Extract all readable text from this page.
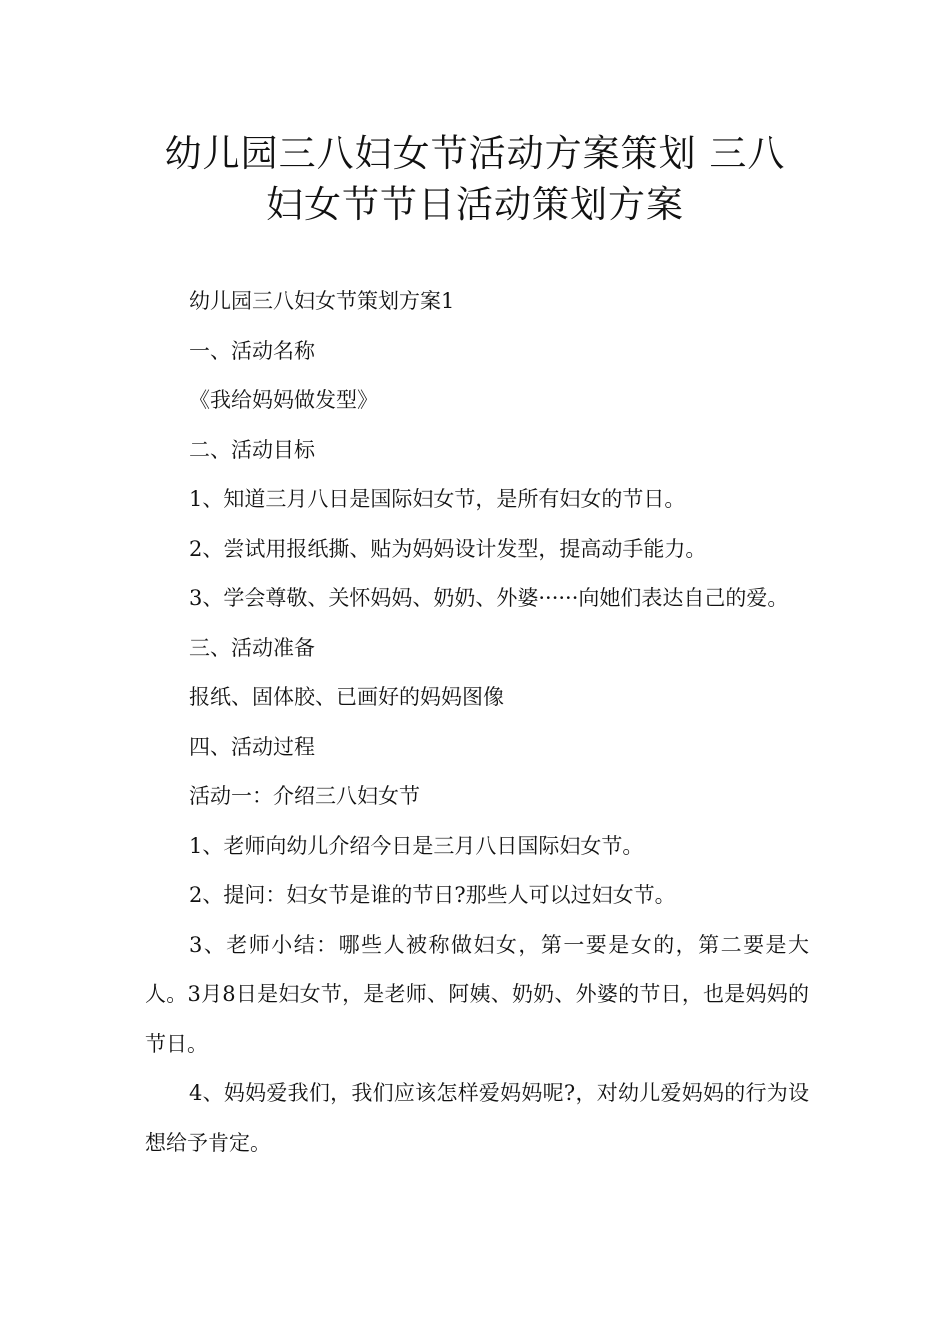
幼儿园三八妇女节活动方案策划 三八
妇女节节日活动策划方案

幼儿园三八妇女节策划方案1

一、活动名称

《我给妈妈做发型》

二、活动目标

1、知道三月八日是国际妇女节，是所有妇女的节日。

2、尝试用报纸撕、贴为妈妈设计发型，提高动手能力。

3、学会尊敬、关怀妈妈、奶奶、外婆······向她们表达自己的爱。

三、活动准备

报纸、固体胶、已画好的妈妈图像

四、活动过程

活动一：介绍三八妇女节

1、老师向幼儿介绍今日是三月八日国际妇女节。

2、提问：妇女节是谁的节日?那些人可以过妇女节。

3、老师小结：哪些人被称做妇女，第一要是女的，第二要是大人。3月8日是妇女节，是老师、阿姨、奶奶、外婆的节日，也是妈妈的节日。

4、妈妈爱我们，我们应该怎样爱妈妈呢?，对幼儿爱妈妈的行为设想给予肯定。
